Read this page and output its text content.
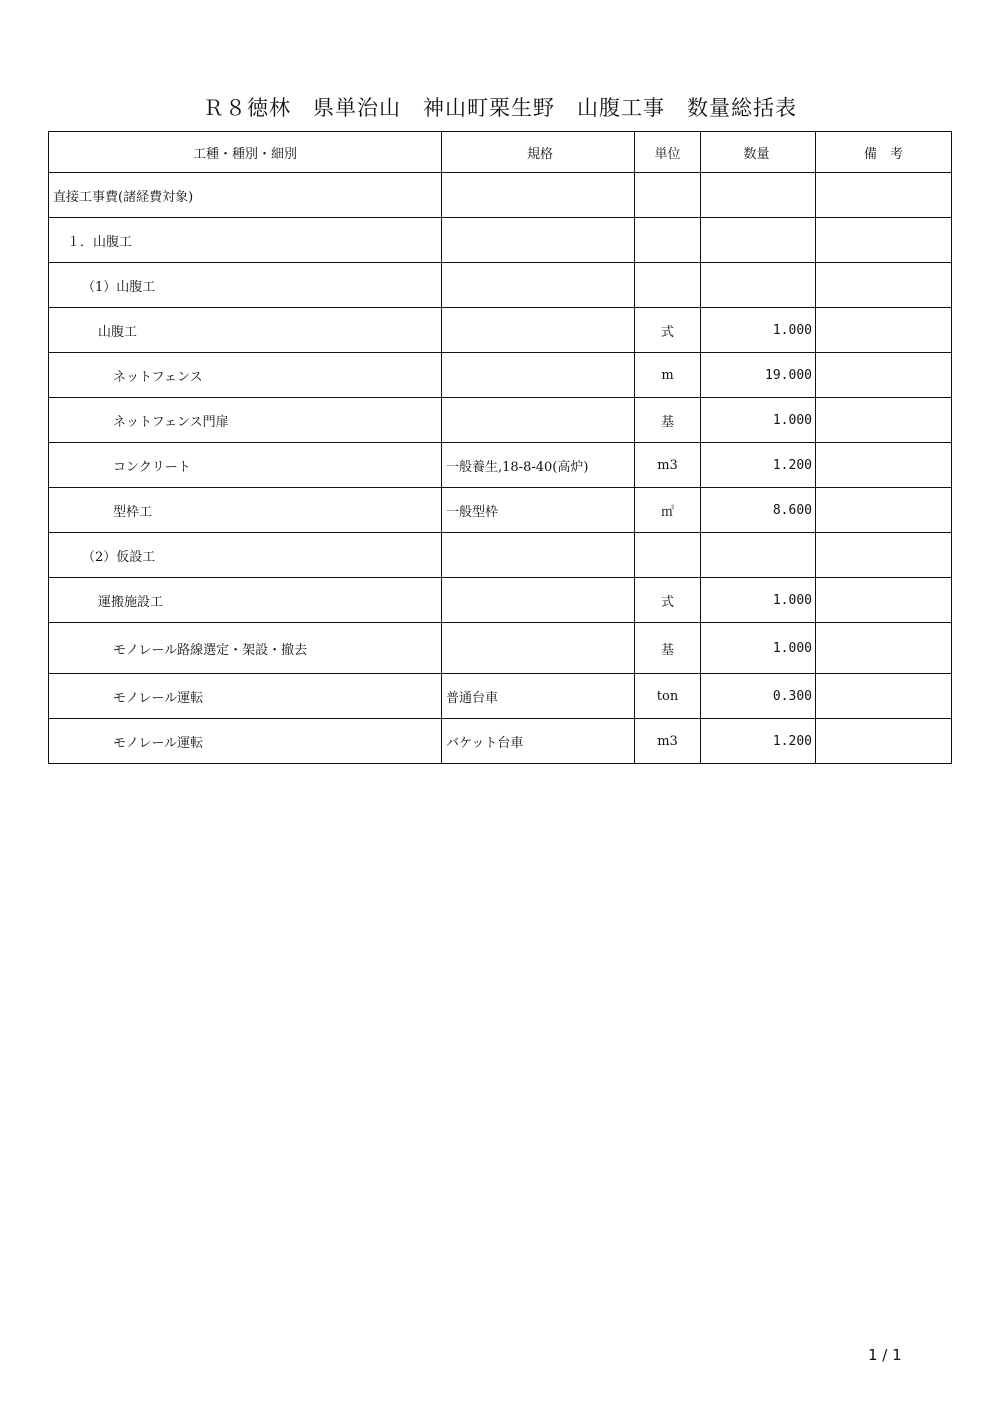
Ｒ８徳林　県単治山　神山町栗生野　山腹工事　数量総括表
工種・種別・細別	規格	単位	数量	備　考
直接工事費(諸経費対象)				
１．山腹工				
（1）山腹工				
山腹工		式	1.000	
ネットフェンス		m	19.000	
ネットフェンス門扉		基	1.000	
コンクリート	一般養生,18-8-40(高炉)	m3	1.200	
型枠工	一般型枠	㎡	8.600	
（2）仮設工				
運搬施設工		式	1.000	
モノレール路線選定・架設・撤去		基	1.000	
モノレール運転	普通台車	ton	0.300	
モノレール運転	バケット台車	m3	1.200	
1 / 1
